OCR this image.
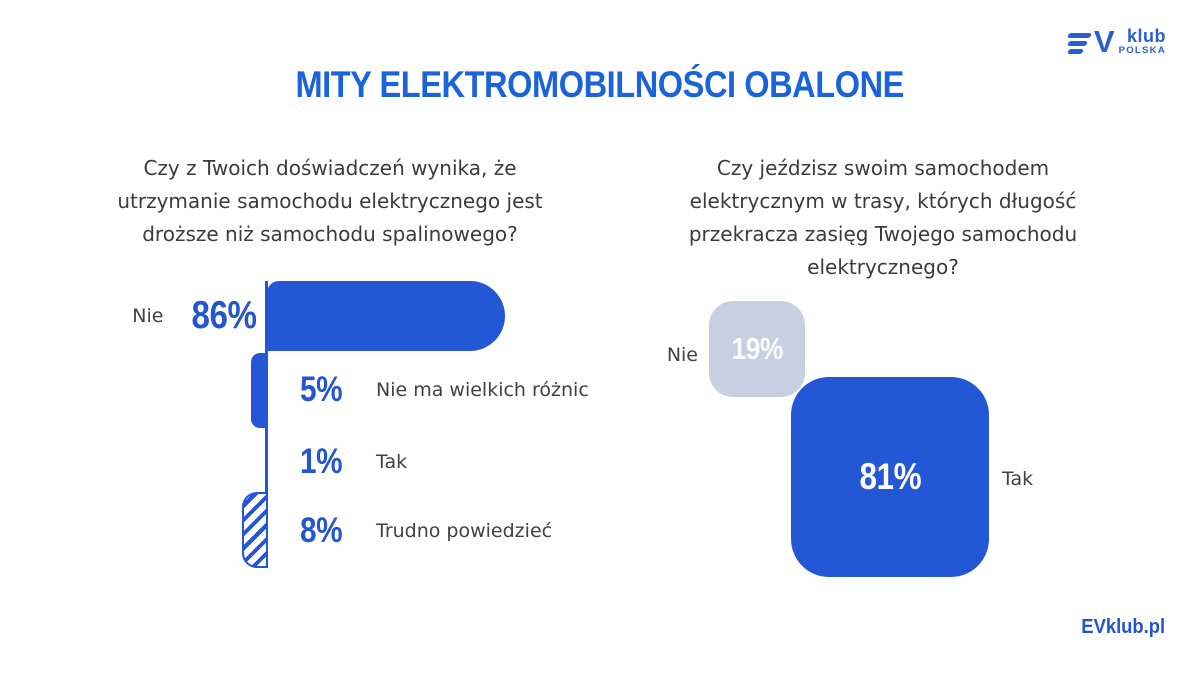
V klub
POLSKA
MITY ELEKTROMOBILNOŚCI OBALONE
Czy z Twoich doświadczeń wynika, że
utrzymanie samochodu elektrycznego jest
droższe niż samochodu spalinowego?
Nie 86%
5% Nie ma wielkich różnic
1% Tak
8% Trudno powiedzieć
Czy jeździsz swoim samochodem
elektrycznym w trasy, których długość
przekracza zasięg Twojego samochodu
elektrycznego?
Nie 19%
81%	Tak
EVklub.pl
